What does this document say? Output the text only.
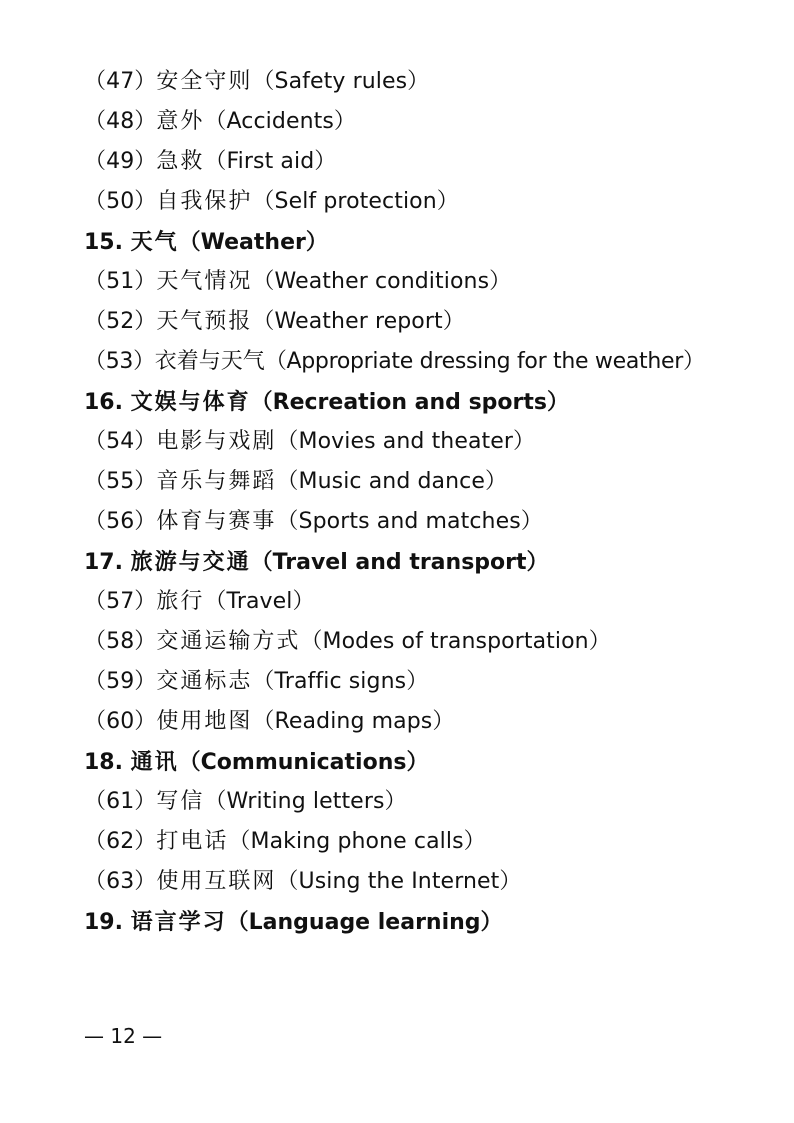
（47）安全守则（Safety rules）
（48）意外（Accidents）
（49）急救（First aid）
（50）自我保护（Self protection）
15. 天气（Weather）
（51）天气情况（Weather conditions）
（52）天气预报（Weather report）
（53）衣着与天气（Appropriate dressing for the weather）
16. 文娱与体育（Recreation and sports）
（54）电影与戏剧（Movies and theater）
（55）音乐与舞蹈（Music and dance）
（56）体育与赛事（Sports and matches）
17. 旅游与交通（Travel and transport）
（57）旅行（Travel）
（58）交通运输方式（Modes of transportation）
（59）交通标志（Traffic signs）
（60）使用地图（Reading maps）
18. 通讯（Communications）
（61）写信（Writing letters）
（62）打电话（Making phone calls）
（63）使用互联网（Using the Internet）
19. 语言学习（Language learning）
— 12 —
